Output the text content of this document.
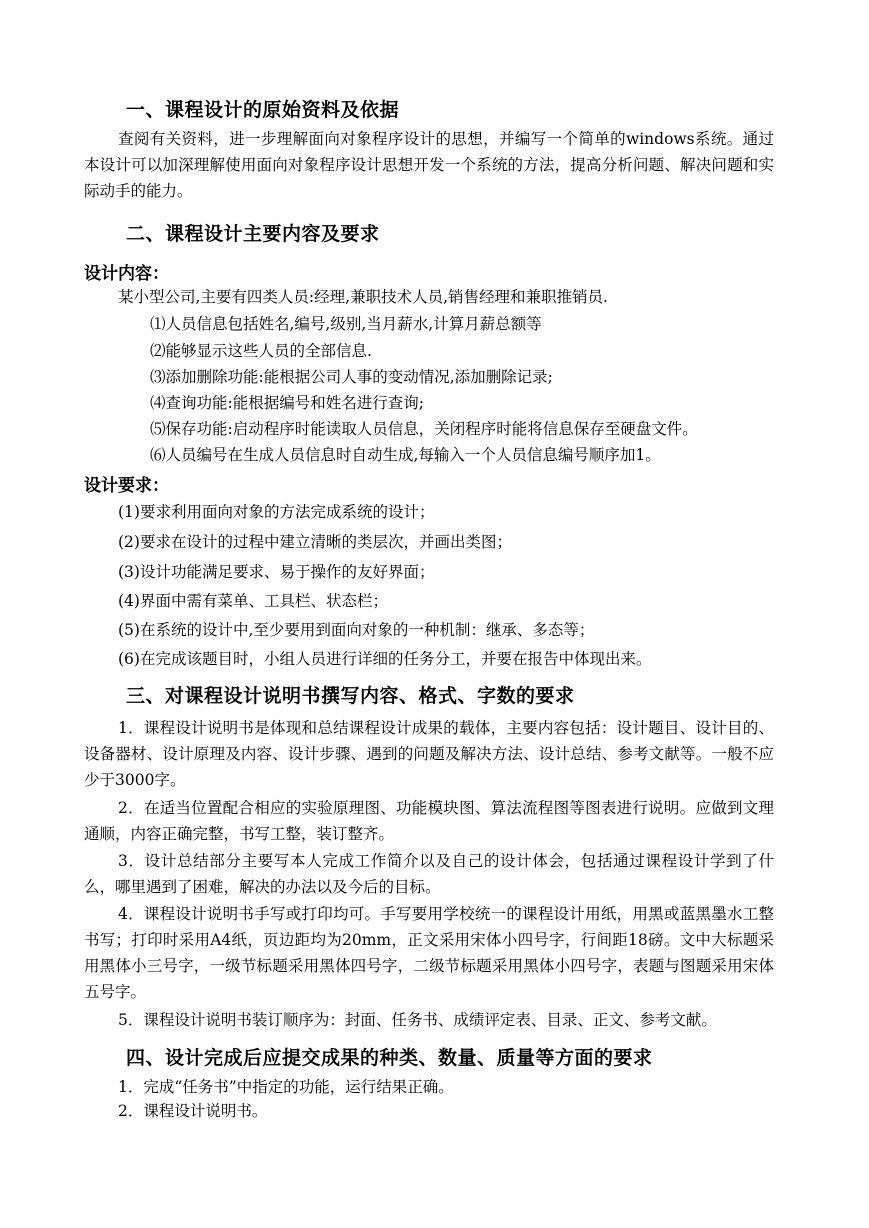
一、课程设计的原始资料及依据
查阅有关资料，进一步理解面向对象程序设计的思想，并编写一个简单的windows系统。通过本设计可以加深理解使用面向对象程序设计思想开发一个系统的方法，提高分析问题、解决问题和实际动手的能力。
二、课程设计主要内容及要求
设计内容：
某小型公司,主要有四类人员:经理,兼职技术人员,销售经理和兼职推销员.
⑴人员信息包括姓名,编号,级别,当月薪水,计算月薪总额等
⑵能够显示这些人员的全部信息.
⑶添加删除功能:能根据公司人事的变动情况,添加删除记录;
⑷查询功能:能根据编号和姓名进行查询;
⑸保存功能:启动程序时能读取人员信息，关闭程序时能将信息保存至硬盘文件。
⑹人员编号在生成人员信息时自动生成,每输入一个人员信息编号顺序加1。
设计要求：
(1)要求利用面向对象的方法完成系统的设计；
(2)要求在设计的过程中建立清晰的类层次，并画出类图；
(3)设计功能满足要求、易于操作的友好界面；
(4)界面中需有菜单、工具栏、状态栏；
(5)在系统的设计中,至少要用到面向对象的一种机制：继承、多态等；
(6)在完成该题目时，小组人员进行详细的任务分工，并要在报告中体现出来。
三、对课程设计说明书撰写内容、格式、字数的要求
1．课程设计说明书是体现和总结课程设计成果的载体，主要内容包括：设计题目、设计目的、设备器材、设计原理及内容、设计步骤、遇到的问题及解决方法、设计总结、参考文献等。一般不应少于3000字。
2．在适当位置配合相应的实验原理图、功能模块图、算法流程图等图表进行说明。应做到文理通顺，内容正确完整，书写工整，装订整齐。
3．设计总结部分主要写本人完成工作简介以及自己的设计体会，包括通过课程设计学到了什么，哪里遇到了困难，解决的办法以及今后的目标。
4．课程设计说明书手写或打印均可。手写要用学校统一的课程设计用纸，用黑或蓝黑墨水工整书写；打印时采用A4纸，页边距均为20mm，正文采用宋体小四号字，行间距18磅。文中大标题采用黑体小三号字，一级节标题采用黑体四号字，二级节标题采用黑体小四号字，表题与图题采用宋体五号字。
5．课程设计说明书装订顺序为：封面、任务书、成绩评定表、目录、正文、参考文献。
四、设计完成后应提交成果的种类、数量、质量等方面的要求
1．完成“任务书”中指定的功能，运行结果正确。
2．课程设计说明书。
